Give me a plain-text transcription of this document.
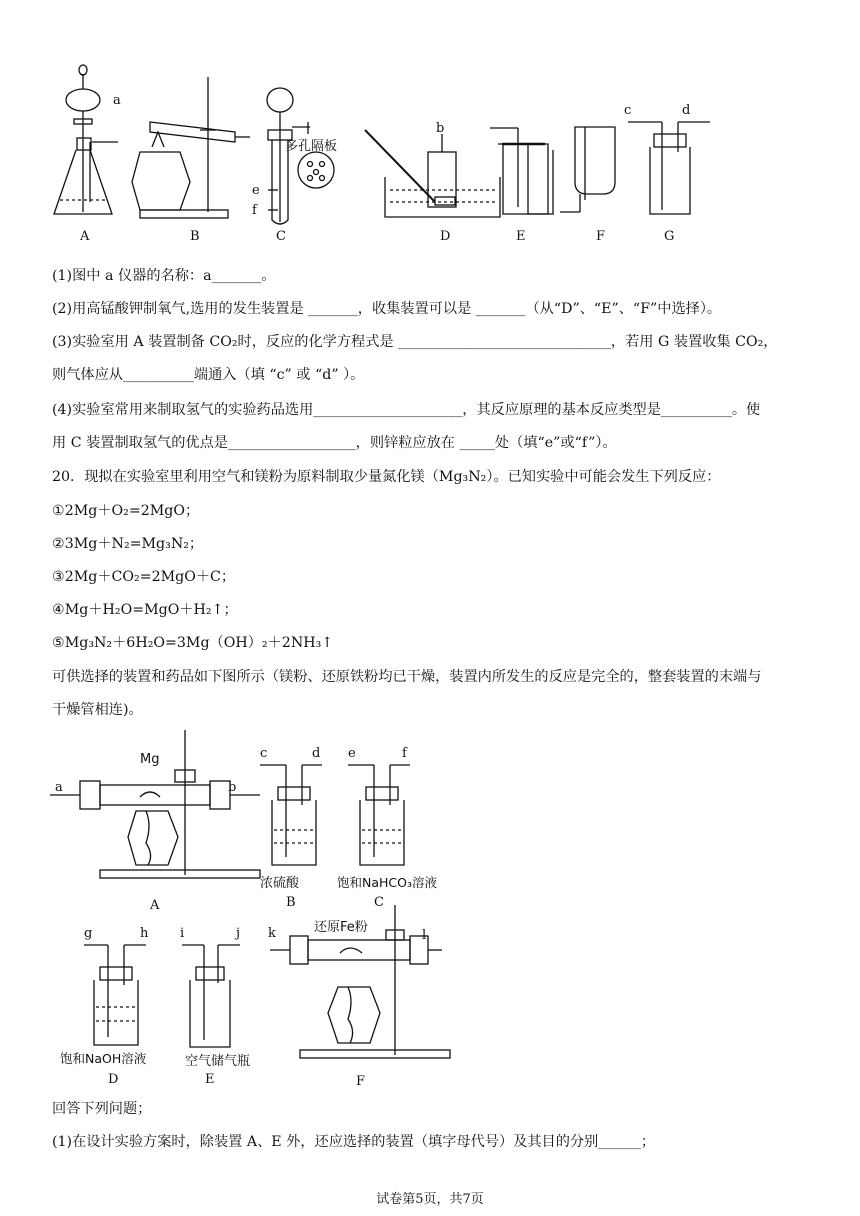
a
b
c	d
e
f
多孔隔板
A	B	C	D	E	F	G
(1)图中 a 仪器的名称：a_______。
(2)用高锰酸钾制氧气,选用的发生装置是 _______，收集装置可以是 _______（从“D”、“E”、“F”中选择）。
(3)实验室用 A 装置制备 CO₂时，反应的化学方程式是 ______________________________，若用 G 装置收集 CO₂，
则气体应从__________端通入（填 “c” 或 “d” ）。
(4)实验室常用来制取氢气的实验药品选用_____________________，其反应原理的基本反应类型是__________。使
用 C 装置制取氢气的优点是__________________，则锌粒应放在 _____处（填“e”或“f”）。
20．现拟在实验室里利用空气和镁粉为原料制取少量氮化镁（Mg₃N₂）。已知实验中可能会发生下列反应：
①2Mg＋O₂=2MgO；
②3Mg＋N₂=Mg₃N₂；
③2Mg＋CO₂=2MgO＋C；
④Mg＋H₂O=MgO＋H₂↑；
⑤Mg₃N₂＋6H₂O=3Mg（OH）₂＋2NH₃↑
可供选择的装置和药品如下图所示（镁粉、还原铁粉均已干燥，装置内所发生的反应是完全的，整套装置的末端与
干燥管相连)。
a	b
Mg
A
c	d
浓硫酸
B
e	f
饱和NaHCO₃溶液
C
g	h
饱和NaOH溶液
D
i	j
空气储气瓶
E
k	l
还原Fe粉
F
回答下列问题；
(1)在设计实验方案时，除装置 A、E 外，还应选择的装置（填字母代号）及其目的分别______；
试卷第5页，共7页
